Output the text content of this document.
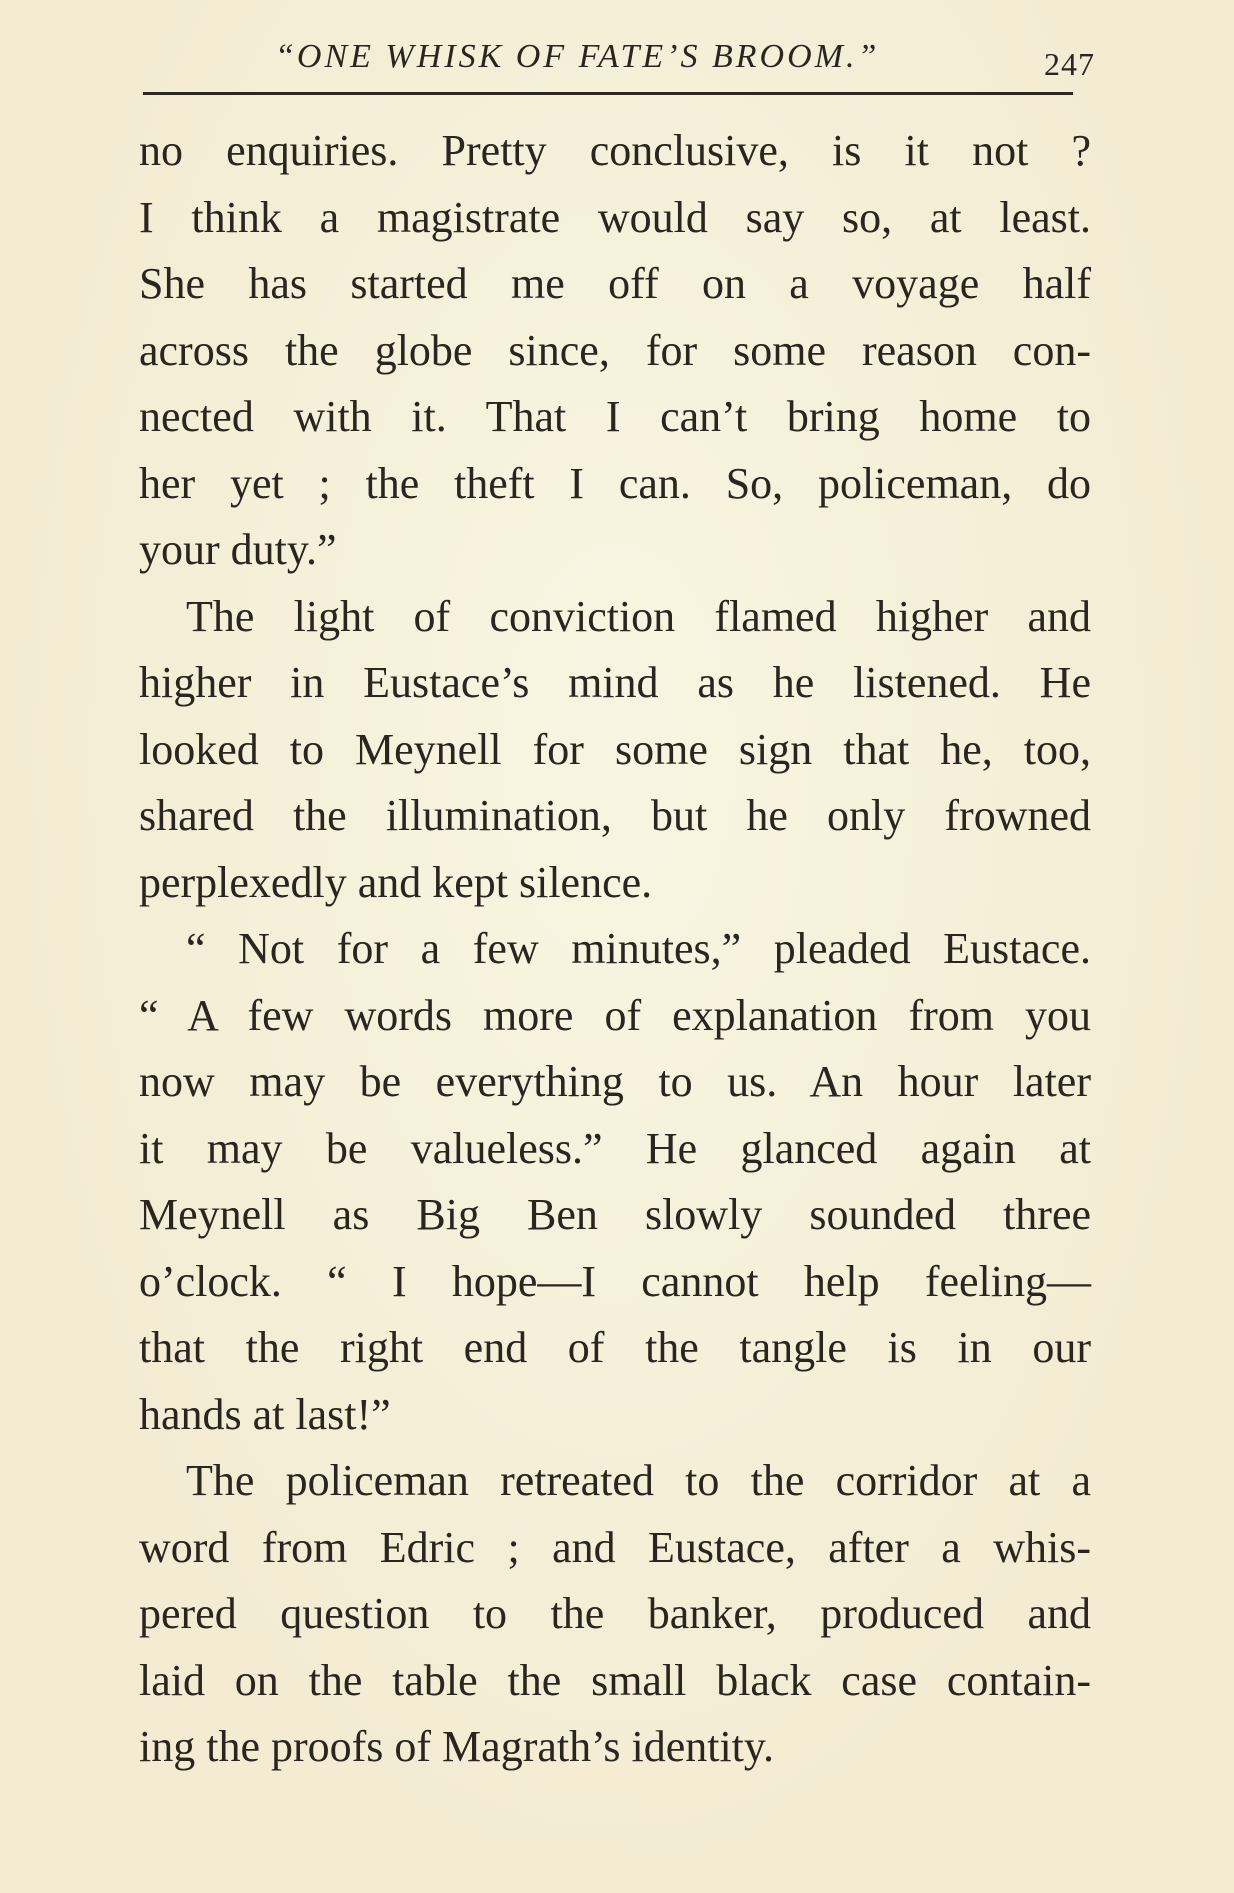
“ONE WHISK OF FATE’S BROOM.”	247
no enquiries. Pretty conclusive, is it not ?
I think a magistrate would say so, at least.
She has started me off on a voyage half
across the globe since, for some reason con-
nected with it. That I can’t bring home to
her yet ; the theft I can. So, policeman, do
your duty.”
The light of conviction flamed higher and
higher in Eustace’s mind as he listened. He
looked to Meynell for some sign that he, too,
shared the illumination, but he only frowned
perplexedly and kept silence.
“ Not for a few minutes,” pleaded Eustace.
“ A few words more of explanation from you
now may be everything to us. An hour later
it may be valueless.” He glanced again at
Meynell as Big Ben slowly sounded three
o’clock. “ I hope—I cannot help feeling—
that the right end of the tangle is in our
hands at last!”
The policeman retreated to the corridor at a
word from Edric ; and Eustace, after a whis-
pered question to the banker, produced and
laid on the table the small black case contain-
ing the proofs of Magrath’s identity.
